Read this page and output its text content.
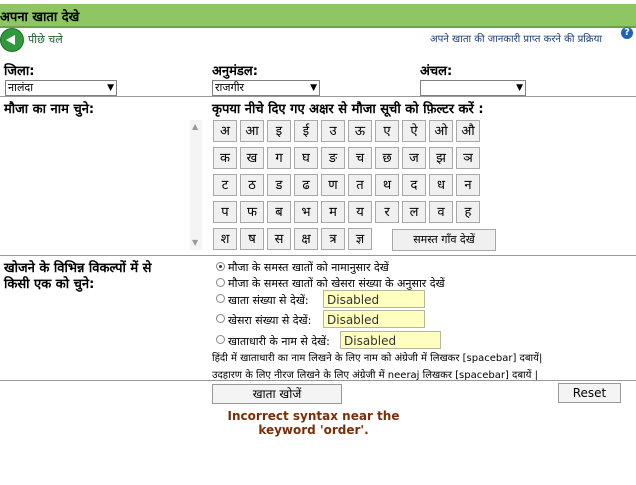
अपना खाता देखे
पीछे चले	अपने खाता की जानकारी प्राप्त करने की प्रक्रिया
?
जिला:	अनुमंडल:	अंचल:
नालंदा	▼	राजगीर	▼	▼
मौजा का नाम चुने:	कृपया नीचे दिए गए अक्षर से मौजा सूची को फ़िल्टर करें :
▲
▼
अ	आ	इ	ई	उ	ऊ	ए	ऐ	ओ	औ
क	ख	ग	घ	ङ	च	छ	ज	झ	ञ
ट	ठ	ड	ढ	ण	त	थ	द	ध	न
प	फ	ब	भ	म	य	र	ल	व	ह
श	ष	स	क्ष	त्र	ज्ञ	समस्त गाँव देखें
खोजने के विभिन्न विकल्पों में से
किसी एक को चुने:
मौजा के समस्त खातों को नामानुसार देखें
मौजा के समस्त खातों को खेसरा संख्या के अनुसार देखें
खाता संख्या से देखें:	Disabled
खेसरा संख्या से देखें:	Disabled
खाताधारी के नाम से देखें:	Disabled
हिंदी में खाताधारी का नाम लिखने के लिए नाम को अंग्रेजी में लिखकर [spacebar] दबायें|
उदहारण के लिए नीरज लिखने के लिए अंग्रेजी में neeraj लिखकर [spacebar] दबायें |
खाता खोजें	Reset
Incorrect syntax near the
keyword 'order'.
